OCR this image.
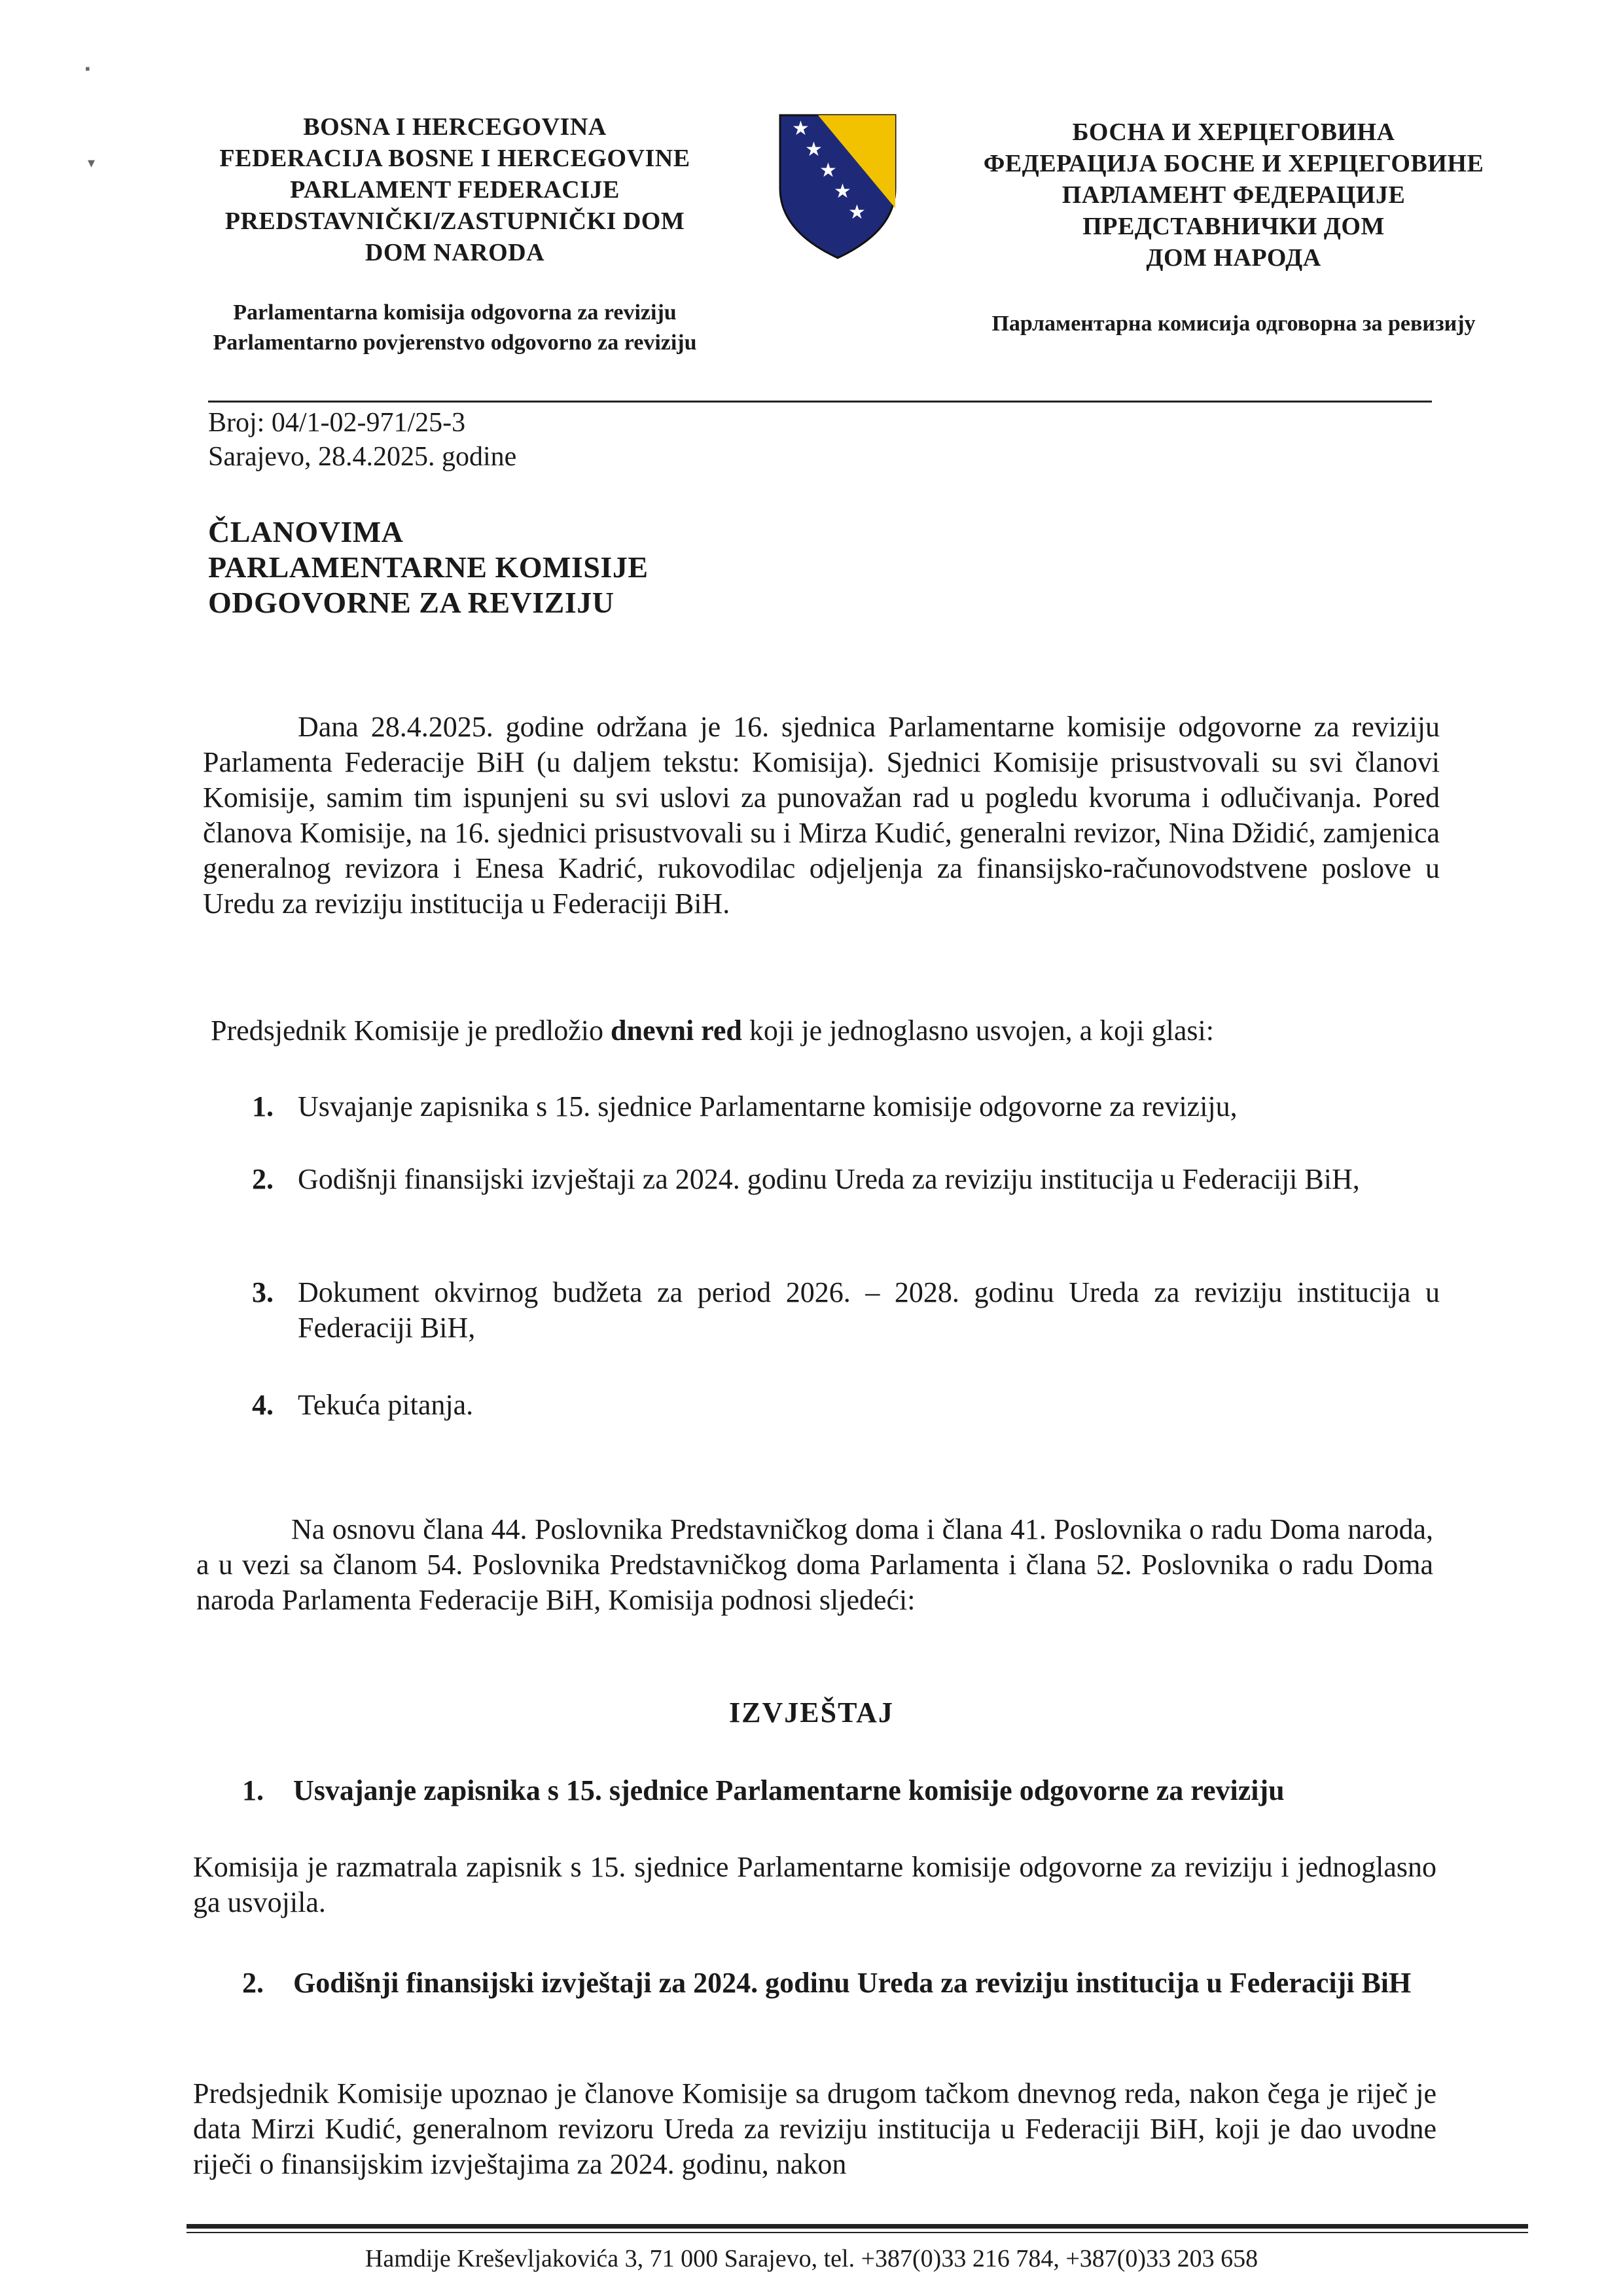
▪
▾
BOSNA I HERCEGOVINA
FEDERACIJA BOSNE I HERCEGOVINE
PARLAMENT FEDERACIJE
PREDSTAVNIČKI/ZASTUPNIČKI DOM
DOM NARODA
Parlamentarna komisija odgovorna za reviziju
Parlamentarno povjerenstvo odgovorno za reviziju
★
★
★
★
★
БОСНА И ХЕРЦЕГОВИНА
ФЕДЕРАЦИЈА БОСНЕ И ХЕРЦЕГОВИНЕ
ПАРЛАМЕНТ ФЕДЕРАЦИЈЕ
ПРЕДСТАВНИЧКИ ДОМ
ДОМ НАРОДА
Парламентарна комисија одговорна за ревизију
Broj: 04/1-02-971/25-3
Sarajevo, 28.4.2025. godine
ČLANOVIMA
PARLAMENTARNE KOMISIJE
ODGOVORNE ZA REVIZIJU
Dana 28.4.2025. godine održana je 16. sjednica Parlamentarne komisije odgovorne za reviziju Parlamenta Federacije BiH (u daljem tekstu: Komisija). Sjednici Komisije prisustvovali su svi članovi Komisije, samim tim ispunjeni su svi uslovi za punovažan rad u pogledu kvoruma i odlučivanja. Pored članova Komisije, na 16. sjednici prisustvovali su i Mirza Kudić, generalni revizor, Nina Džidić, zamjenica generalnog revizora i Enesa Kadrić, rukovodilac odjeljenja za finansijsko-računovodstvene poslove u Uredu za reviziju institucija u Federaciji BiH.
Predsjednik Komisije je predložio dnevni red koji je jednoglasno usvojen, a koji glasi:
1. Usvajanje zapisnika s 15. sjednice Parlamentarne komisije odgovorne za reviziju,
2. Godišnji finansijski izvještaji za 2024. godinu Ureda za reviziju institucija u Federaciji BiH,
3. Dokument okvirnog budžeta za period 2026. – 2028. godinu Ureda za reviziju institucija u Federaciji BiH,
4. Tekuća pitanja.
Na osnovu člana 44. Poslovnika Predstavničkog doma i člana 41. Poslovnika o radu Doma naroda, a u vezi sa članom 54. Poslovnika Predstavničkog doma Parlamenta i člana 52. Poslovnika o radu Doma naroda Parlamenta Federacije BiH, Komisija podnosi sljedeći:
IZVJEŠTAJ
1. Usvajanje zapisnika s 15. sjednice Parlamentarne komisije odgovorne za reviziju
Komisija je razmatrala zapisnik s 15. sjednice Parlamentarne komisije odgovorne za reviziju i jednoglasno ga usvojila.
2. Godišnji finansijski izvještaji za 2024. godinu Ureda za reviziju institucija u Federaciji BiH
Predsjednik Komisije upoznao je članove Komisije sa drugom tačkom dnevnog reda, nakon čega je riječ je data Mirzi Kudić, generalnom revizoru Ureda za reviziju institucija u Federaciji BiH, koji je dao uvodne riječi o finansijskim izvještajima za 2024. godinu, nakon
Hamdije Kreševljakovića 3, 71 000 Sarajevo, tel. +387(0)33 216 784, +387(0)33 203 658
